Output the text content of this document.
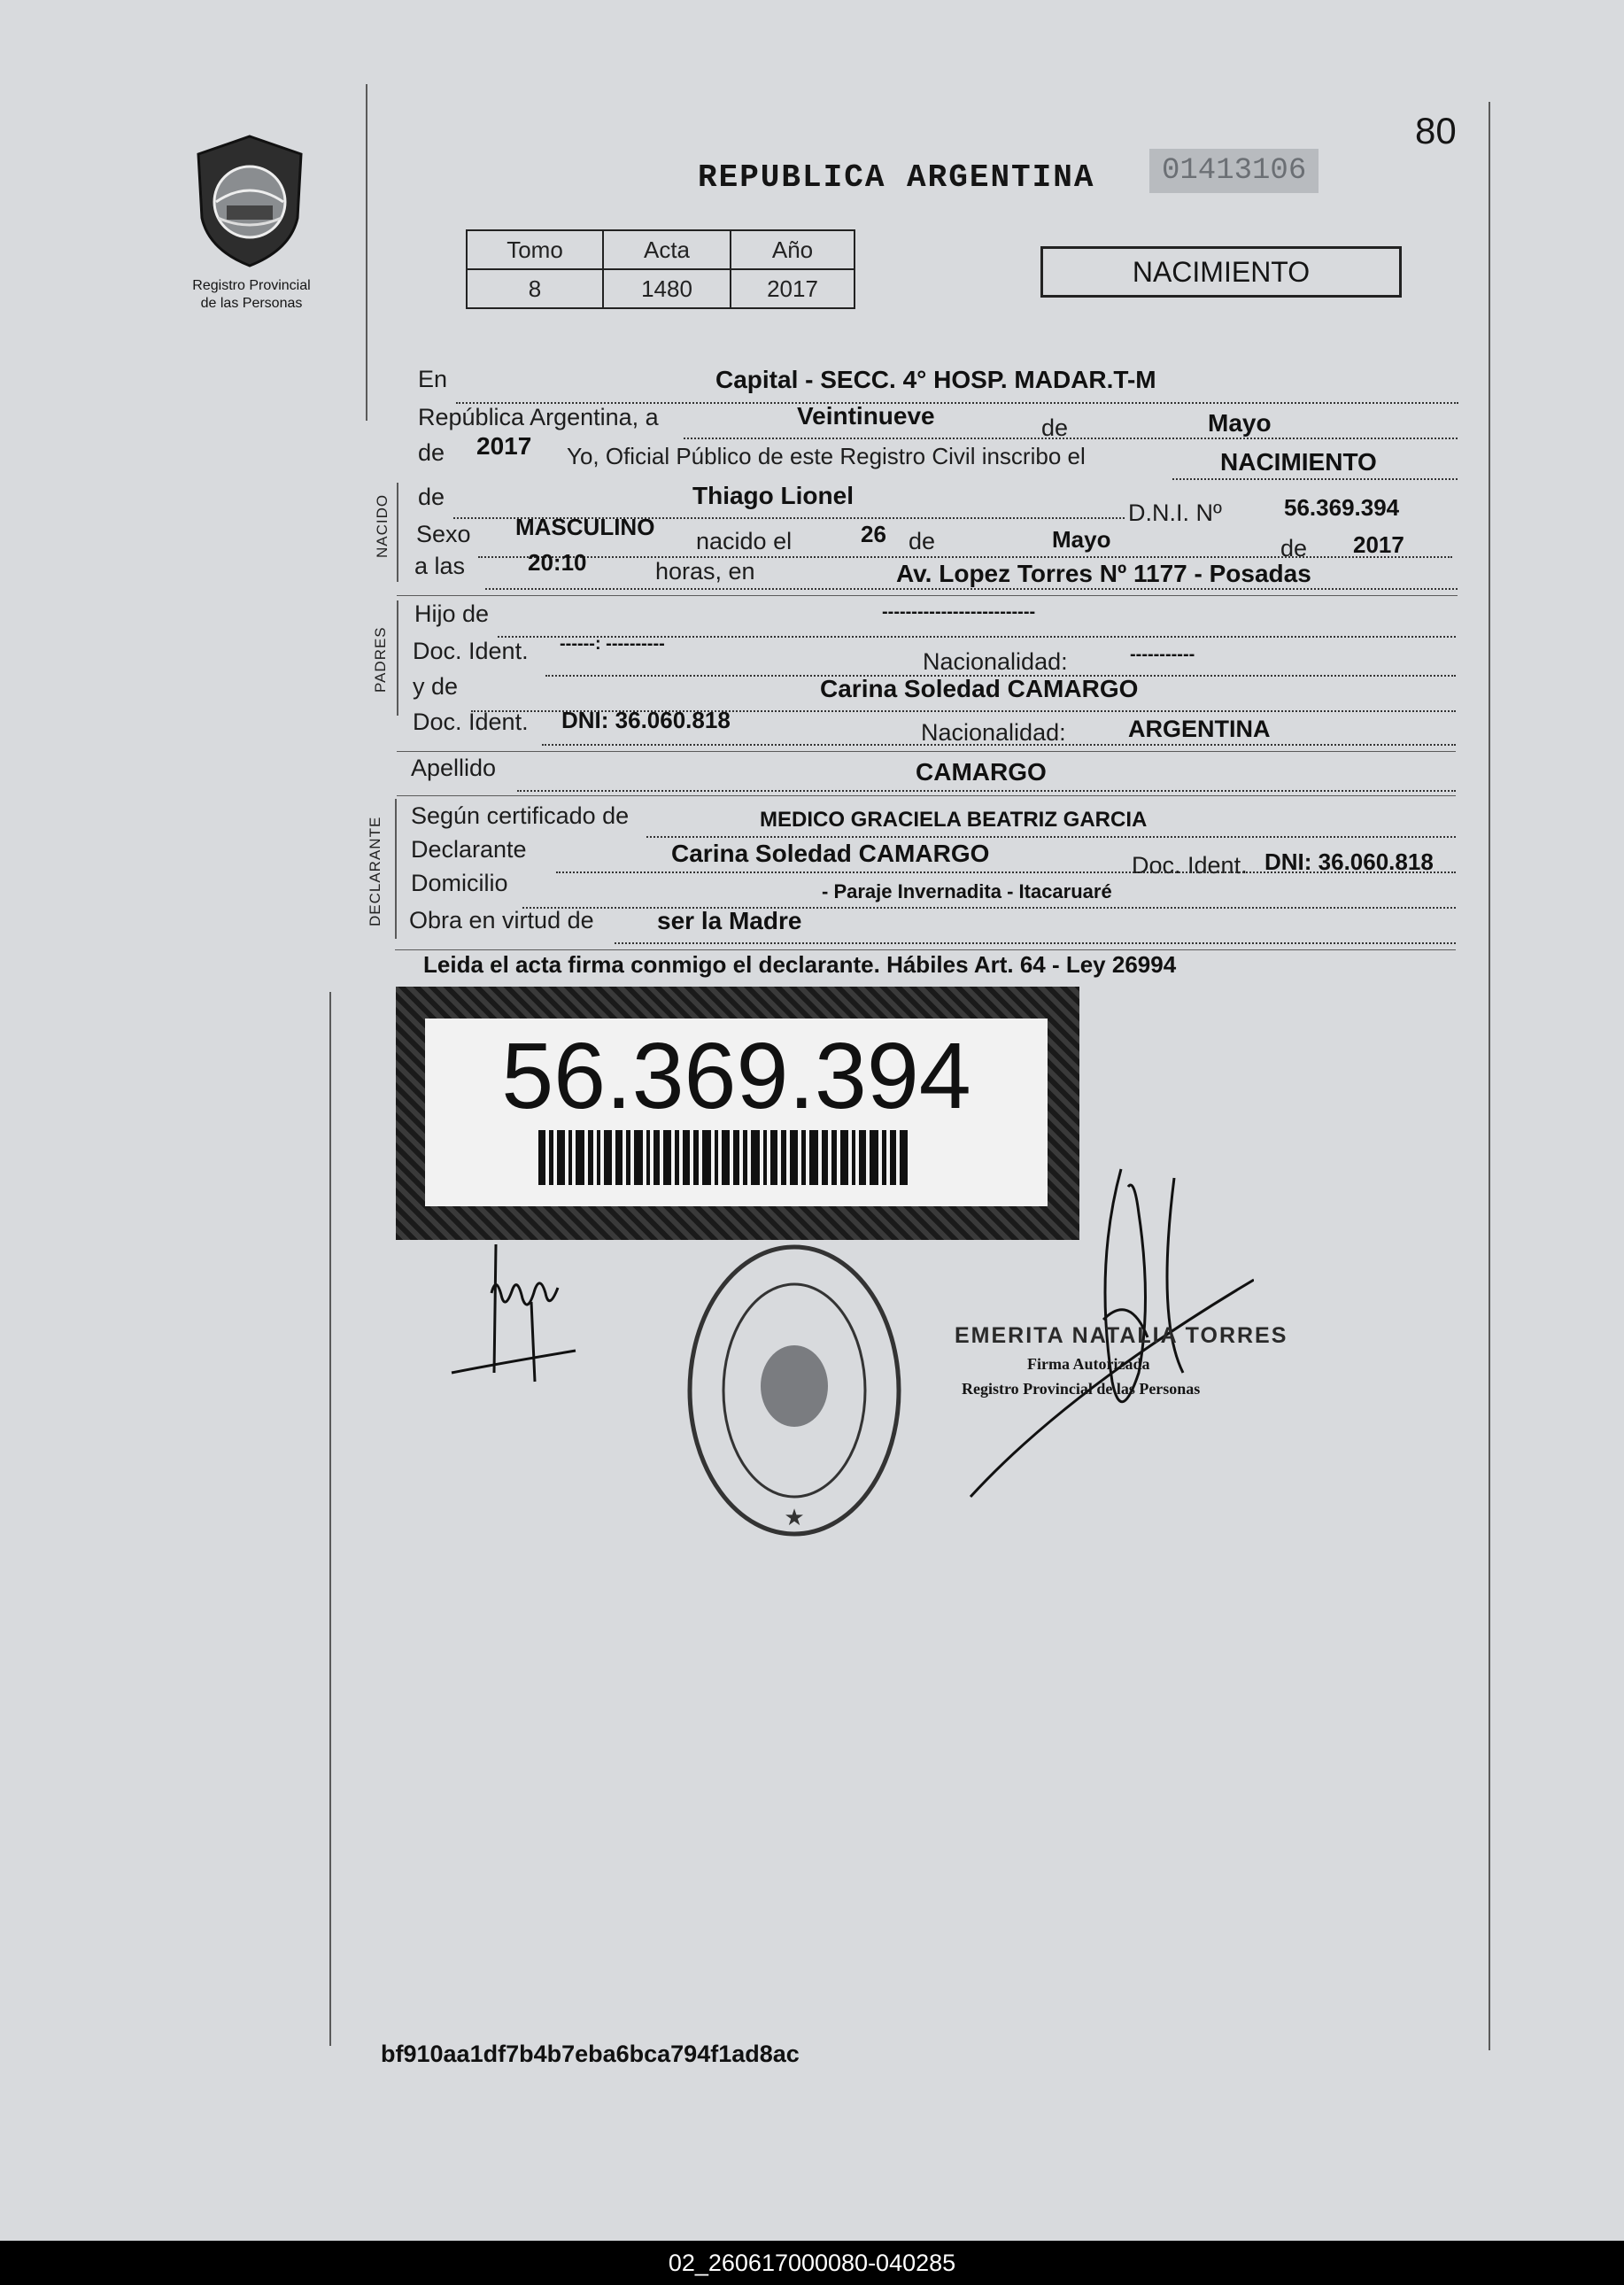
80
Registro Provincial
de las Personas
REPUBLICA ARGENTINA	01413106
Tomo	Acta	Año
8	1480	2017
NACIMIENTO
En	Capital - SECC. 4° HOSP. MADAR.T-M
República Argentina, a	Veintinueve	de	Mayo
de 2017 Yo, Oficial Público de este Registro Civil inscribo el	NACIMIENTO
NACIDO de	Thiago Lionel
D.N.I. Nº	56.369.394
Sexo MASCULINO
nacido el	26 de	Mayo	de 2017
a las	20:10	horas, en	Av. Lopez Torres Nº 1177 - Posadas
PADRES
Hijo de	--------------------------
Doc. Ident. ------: ----------
Nacionalidad:	-----------
y de	Carina Soledad CAMARGO
Doc. Ident. DNI: 36.060.818	Nacionalidad:	ARGENTINA
Apellido	CAMARGO
DECLARANTE
Según certificado de	MEDICO GRACIELA BEATRIZ GARCIA
Declarante	Carina Soledad CAMARGO	Doc. Ident. DNI: 36.060.818
Domicilio	- Paraje Invernadita - Itacaruaré
Obra en virtud de	ser la Madre
Leida el acta firma conmigo el declarante. Hábiles Art. 64 - Ley 26994
56.369.394
★
EMERITA NATALIA TORRES
Firma Autorizada
Registro Provincial de las Personas
bf910aa1df7b4b7eba6bca794f1ad8ac
02_260617000080-040285
